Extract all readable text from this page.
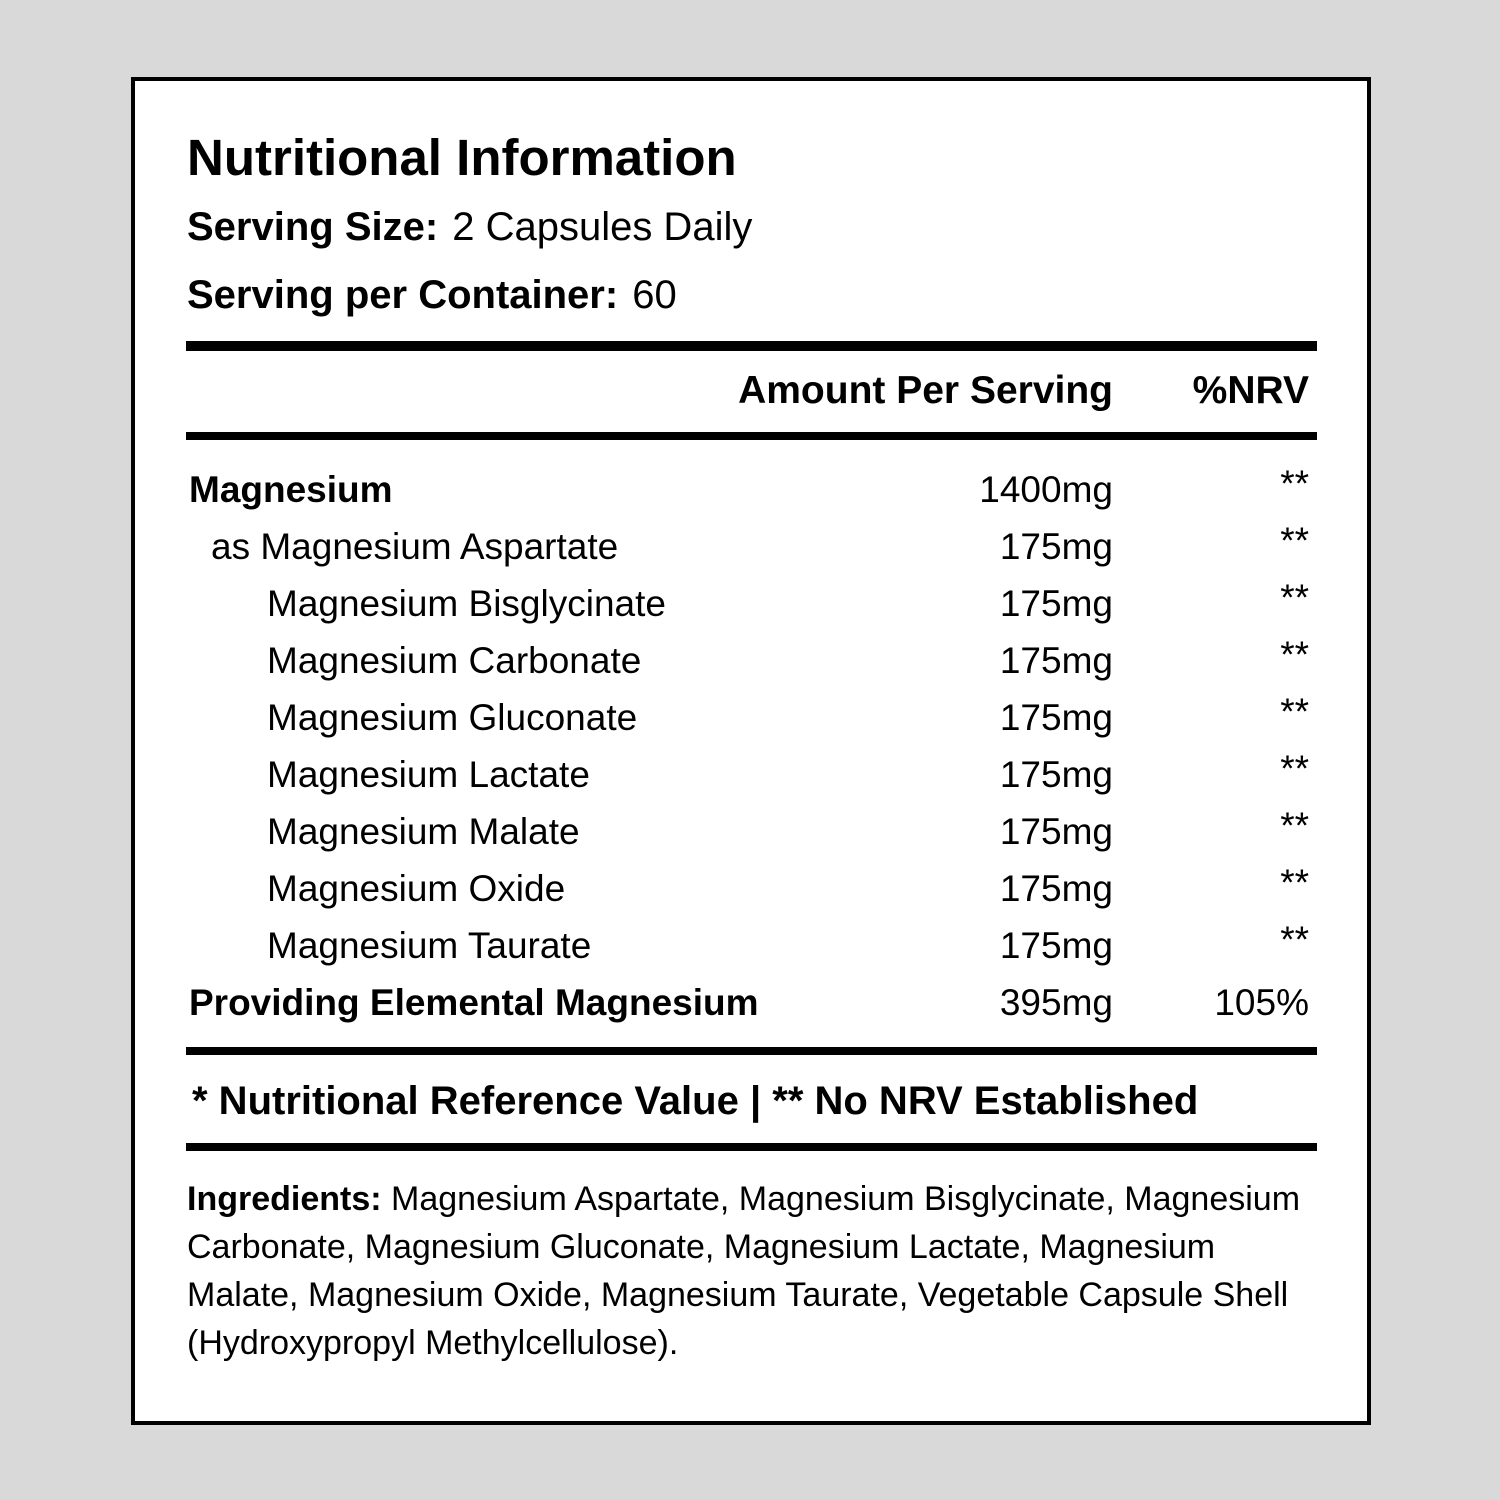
Nutritional Information
Serving Size: 2 Capsules Daily
Serving per Container: 60
Amount Per Serving %NRV
Magnesium	1400mg	**
as Magnesium Aspartate	175mg	**
Magnesium Bisglycinate	175mg	**
Magnesium Carbonate	175mg	**
Magnesium Gluconate	175mg	**
Magnesium Lactate	175mg	**
Magnesium Malate	175mg	**
Magnesium Oxide	175mg	**
Magnesium Taurate	175mg	**
Providing Elemental Magnesium	395mg	105%
* Nutritional Reference Value | ** No NRV Established
Ingredients: Magnesium Aspartate, Magnesium Bisglycinate, Magnesium Carbonate, Magnesium Gluconate, Magnesium Lactate, Magnesium Malate, Magnesium Oxide, Magnesium Taurate, Vegetable Capsule Shell (Hydroxypropyl Methylcellulose).
